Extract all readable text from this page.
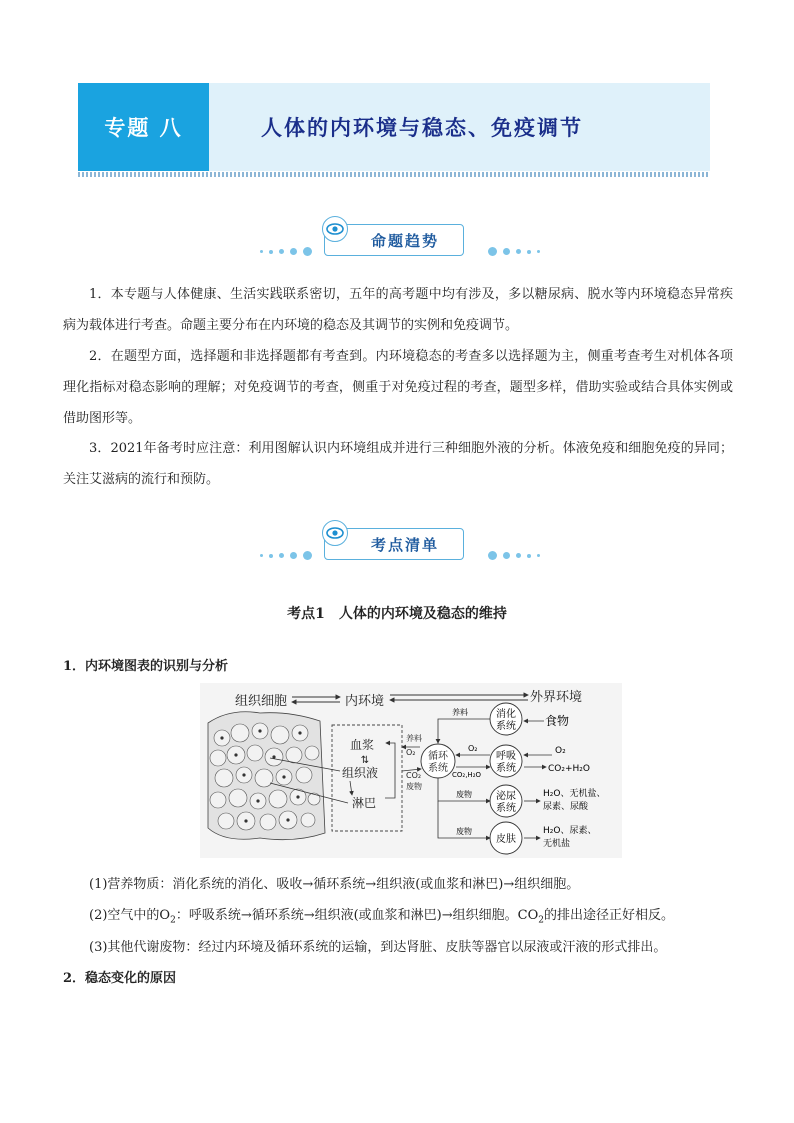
专题 八	人体的内环境与稳态、免疫调节
命题趋势
1．本专题与人体健康、生活实践联系密切，五年的高考题中均有涉及，多以糖尿病、脱水等内环境稳态异常疾病为载体进行考查。命题主要分布在内环境的稳态及其调节的实例和免疫调节。
2．在题型方面，选择题和非选择题都有考查到。内环境稳态的考查多以选择题为主，侧重考查考生对机体各项理化指标对稳态影响的理解；对免疫调节的考查，侧重于对免疫过程的考查，题型多样，借助实验或结合具体实例或借助图形等。
3．2021年备考时应注意：利用图解认识内环境组成并进行三种细胞外液的分析。体液免疫和细胞免疫的异同；关注艾滋病的流行和预防。
考点清单
考点1　人体的内环境及稳态的维持
1．内环境图表的识别与分析
组织细胞	内环境	外界环境
血浆
⇅
组织液
淋巴
循环
系统
养料
O₂
CO₂
废物
消化
系统 食物
养料
呼吸
系统
O₂
CO₂,H₂O
O₂
CO₂+H₂O
泌尿
系统
废物	H₂O、无机盐、
尿素、尿酸
皮肤
废物	H₂O、尿素、
无机盐
(1)营养物质：消化系统的消化、吸收→循环系统→组织液(或血浆和淋巴)→组织细胞。
(2)空气中的$O_2$：呼吸系统→循环系统→组织液(或血浆和淋巴)→组织细胞。$CO_2$的排出途径正好相反。
(3)其他代谢废物：经过内环境及循环系统的运输，到达肾脏、皮肤等器官以尿液或汗液的形式排出。
2．稳态变化的原因
